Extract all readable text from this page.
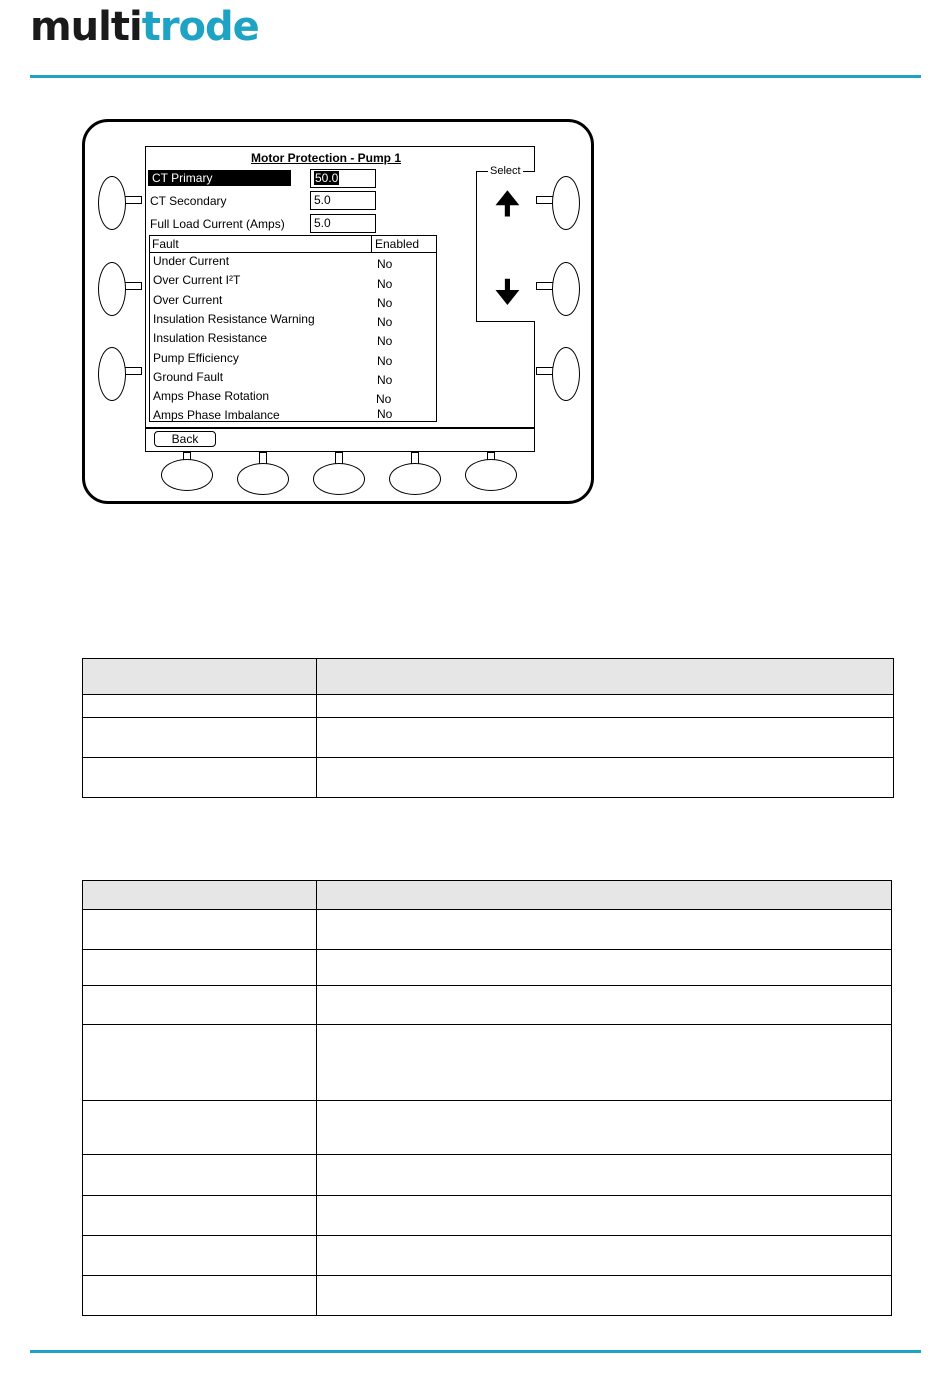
multitrode
Motor Protection - Pump 1
CT Primary	50.0
CT Secondary	5.0
Full Load Current (Amps)	5.0
Fault	Enabled
Under Current	No
Over Current I²T	No
Over Current	No
Insulation Resistance Warning	No
Insulation Resistance	No
Pump Efficiency	No
Ground Fault	No
Amps Phase Rotation	No
Amps Phase Imbalance	No
Back
Select
🠉
🠋
